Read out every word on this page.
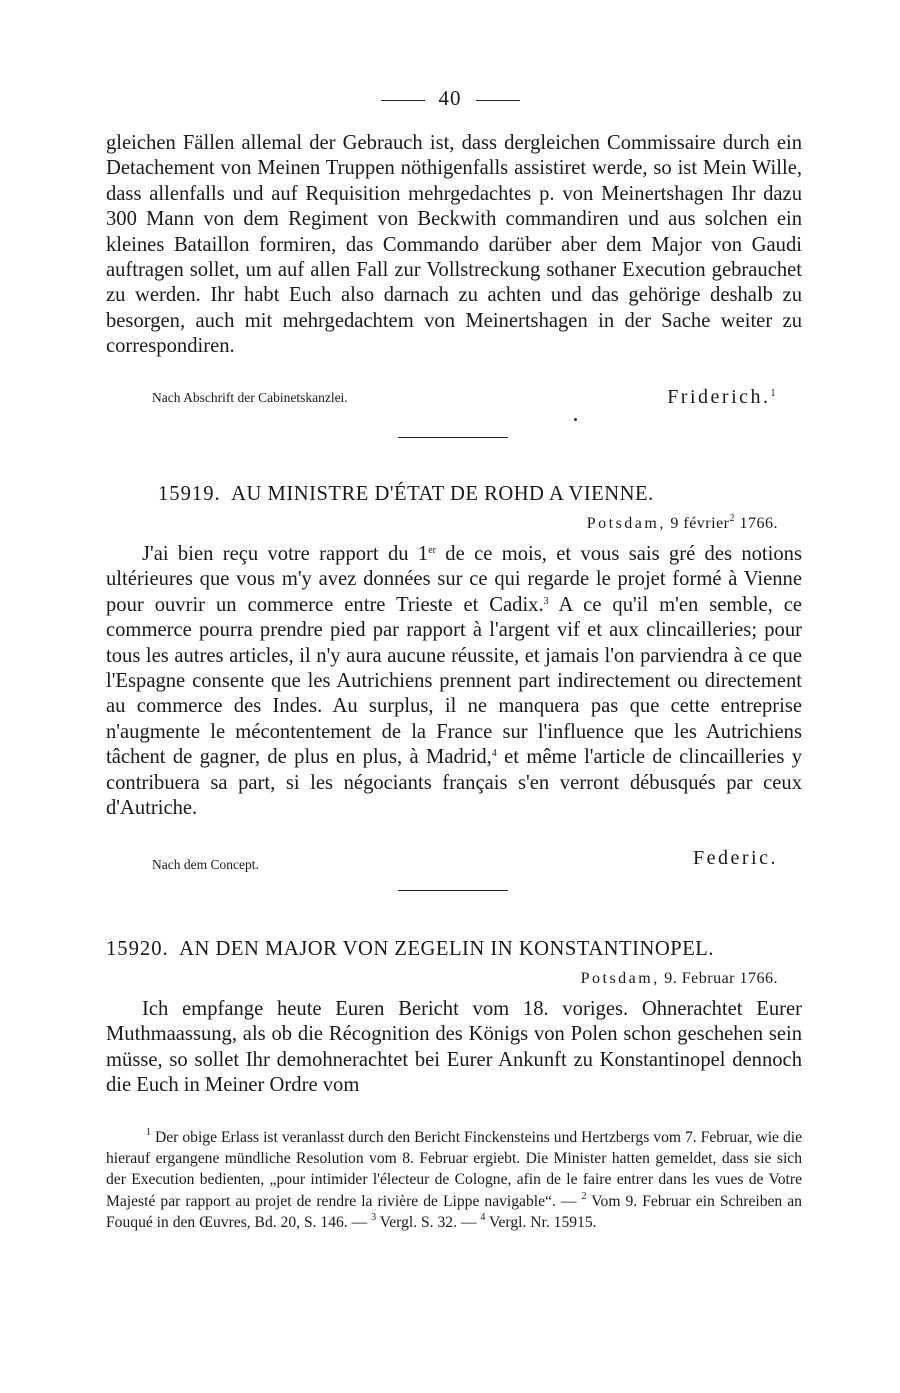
40

gleichen Fällen allemal der Gebrauch ist, dass dergleichen Commissaire durch ein Detachement von Meinen Truppen nöthigenfalls assistiret werde, so ist Mein Wille, dass allenfalls und auf Requisition mehrgedachtes p. von Meinertshagen Ihr dazu 300 Mann von dem Regiment von Beckwith commandiren und aus solchen ein kleines Bataillon formiren, das Commando darüber aber dem Major von Gaudi auftragen sollet, um auf allen Fall zur Vollstreckung sothaner Execution gebrauchet zu werden. Ihr habt Euch also darnach zu achten und das gehörige deshalb zu besorgen, auch mit mehrgedachtem von Meinertshagen in der Sache weiter zu correspondiren.

Nach Abschrift der Cabinetskanzlei.	Friderich.$^1$
15919. AU MINISTRE D'ÉTAT DE ROHD A VIENNE.
Potsdam, 9 février$^2$ 1766.

J'ai bien reçu votre rapport du 1er de ce mois, et vous sais gré des notions ultérieures que vous m'y avez données sur ce qui regarde le projet formé à Vienne pour ouvrir un commerce entre Trieste et Cadix.$^3$ A ce qu'il m'en semble, ce commerce pourra prendre pied par rapport à l'argent vif et aux clincailleries; pour tous les autres articles, il n'y aura aucune réussite, et jamais l'on parviendra à ce que l'Espagne consente que les Autrichiens prennent part indirectement ou directement au commerce des Indes. Au surplus, il ne manquera pas que cette entreprise n'augmente le mécontentement de la France sur l'influence que les Autrichiens tâchent de gagner, de plus en plus, à Madrid,$^4$ et même l'article de clincailleries y contribuera sa part, si les négociants français s'en verront débusqués par ceux d'Autriche.

Nach dem Concept.	Federic.
15920. AN DEN MAJOR VON ZEGELIN IN KONSTANTINOPEL.
Potsdam, 9. Februar 1766.

Ich empfange heute Euren Bericht vom 18. voriges. Ohnerachtet Eurer Muthmaassung, als ob die Récognition des Königs von Polen schon geschehen sein müsse, so sollet Ihr demohnerachtet bei Eurer Ankunft zu Konstantinopel dennoch die Euch in Meiner Ordre vom

$^1$ Der obige Erlass ist veranlasst durch den Bericht Finckensteins und Hertzbergs vom 7. Februar, wie die hierauf ergangene mündliche Resolution vom 8. Februar ergiebt. Die Minister hatten gemeldet, dass sie sich der Execution bedienten, „pour intimider l'électeur de Cologne, afin de le faire entrer dans les vues de Votre Majesté par rapport au projet de rendre la rivière de Lippe navigable“. — $^2$ Vom 9. Februar ein Schreiben an Fouqué in den Œuvres, Bd. 20, S. 146. — $^3$ Vergl. S. 32. — $^4$ Vergl. Nr. 15915.
